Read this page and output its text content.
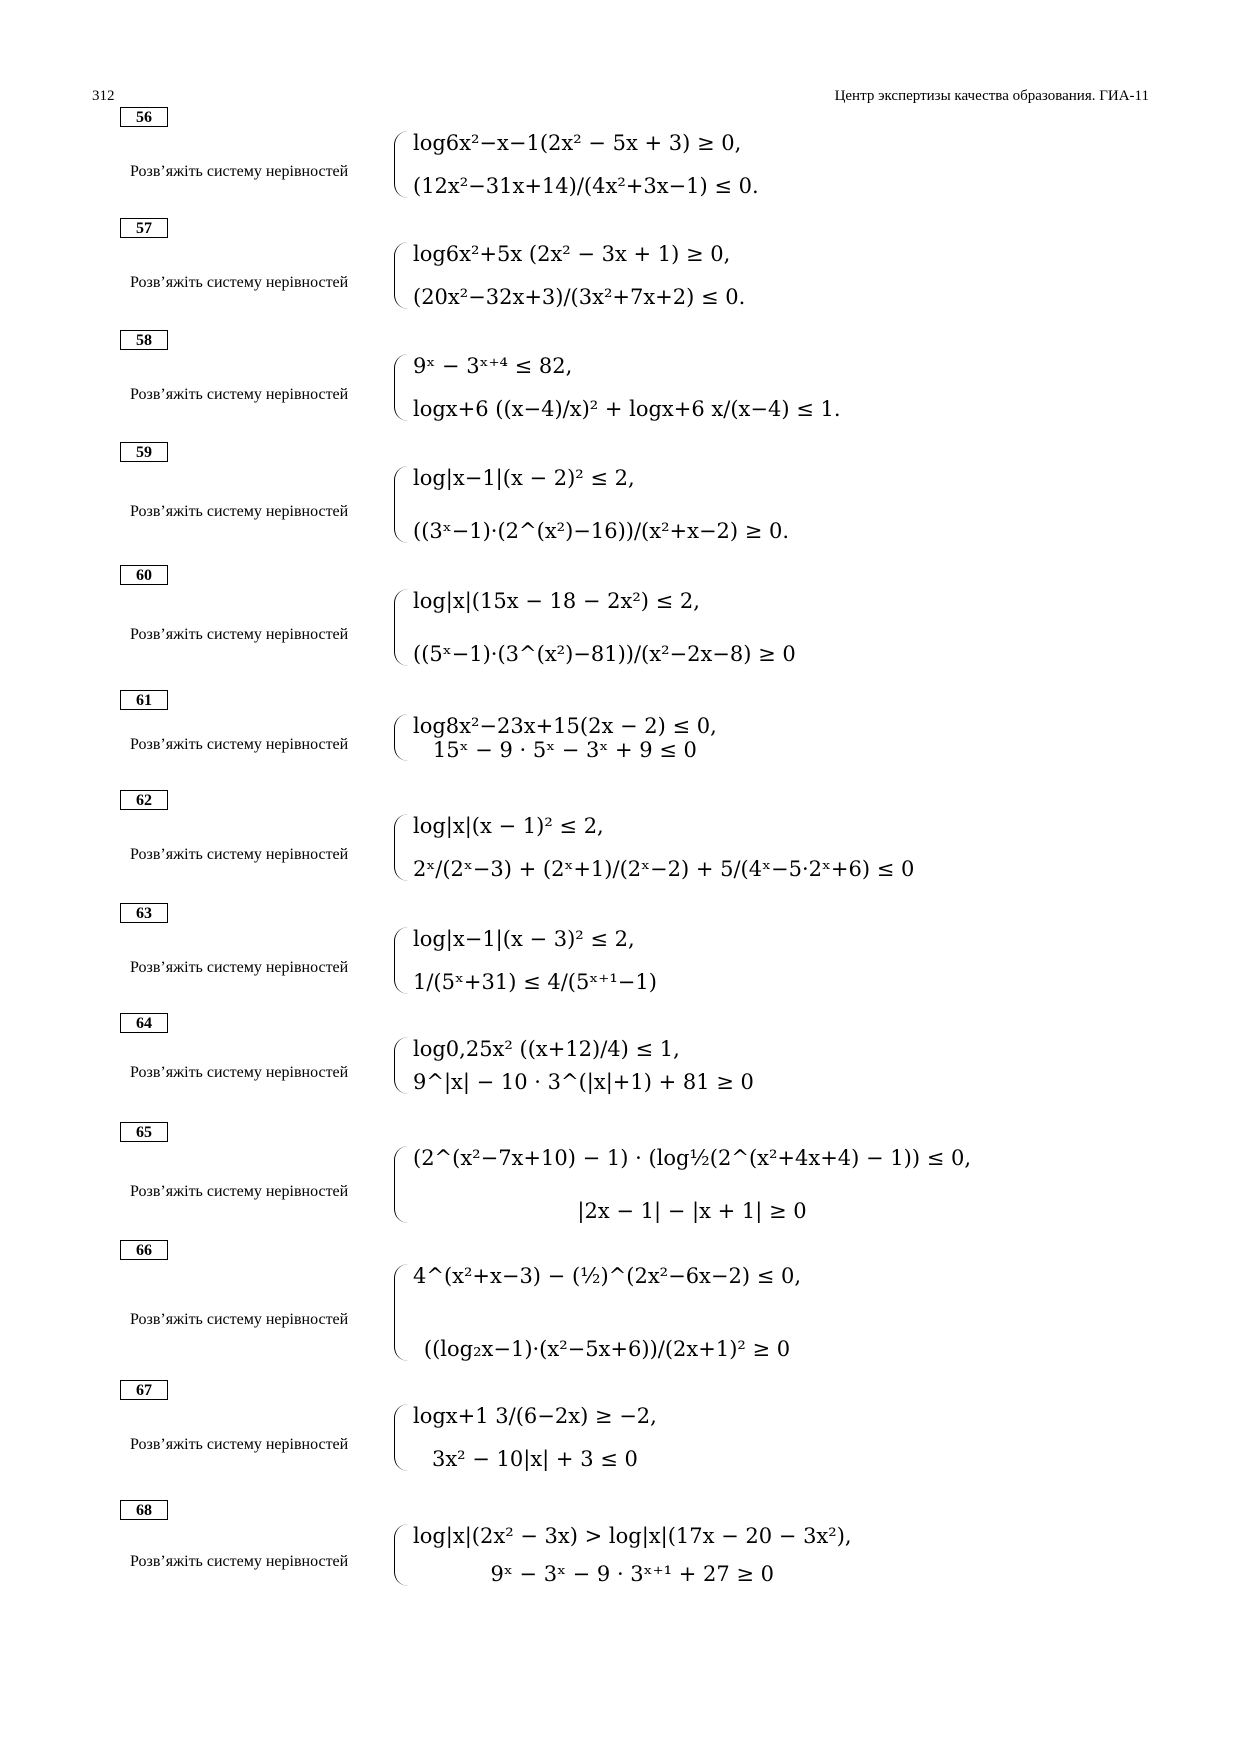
312	Центр экспертизы качества образования. ГИА-11
56
Розв’яжіть систему нерівностей
log6x²−x−1(2x² − 5x + 3) ≥ 0,
(12x²−31x+14)/(4x²+3x−1) ≤ 0.
57
Розв’яжіть систему нерівностей
log6x²+5x (2x² − 3x + 1) ≥ 0,
(20x²−32x+3)/(3x²+7x+2) ≤ 0.
58
Розв’яжіть систему нерівностей
9ˣ − 3ˣ⁺⁴ ≤ 82,
logx+6 ((x−4)/x)² + logx+6 x/(x−4) ≤ 1.
59
Розв’яжіть систему нерівностей
log|x−1|(x − 2)² ≤ 2,
((3ˣ−1)·(2^(x²)−16))/(x²+x−2) ≥ 0.
60
Розв’яжіть систему нерівностей
log|x|(15x − 18 − 2x²) ≤ 2,
((5ˣ−1)·(3^(x²)−81))/(x²−2x−8) ≥ 0
61
Розв’яжіть систему нерівностей
log8x²−23x+15(2x − 2) ≤ 0,
15ˣ − 9 · 5ˣ − 3ˣ + 9 ≤ 0
62
Розв’яжіть систему нерівностей
log|x|(x − 1)² ≤ 2,
2ˣ/(2ˣ−3) + (2ˣ+1)/(2ˣ−2) + 5/(4ˣ−5·2ˣ+6) ≤ 0
63
Розв’яжіть систему нерівностей
log|x−1|(x − 3)² ≤ 2,
1/(5ˣ+31) ≤ 4/(5ˣ⁺¹−1)
64
Розв’яжіть систему нерівностей
log0,25x² ((x+12)/4) ≤ 1,
9^|x| − 10 · 3^(|x|+1) + 81 ≥ 0
65
Розв’яжіть систему нерівностей
(2^(x²−7x+10) − 1) · (log½(2^(x²+4x+4) − 1)) ≤ 0,
|2x − 1| − |x + 1| ≥ 0
66
Розв’яжіть систему нерівностей
4^(x²+x−3) − (½)^(2x²−6x−2) ≤ 0,
((log₂x−1)·(x²−5x+6))/(2x+1)² ≥ 0
67
Розв’яжіть систему нерівностей
logx+1 3/(6−2x) ≥ −2,
3x² − 10|x| + 3 ≤ 0
68
Розв’яжіть систему нерівностей
log|x|(2x² − 3x) > log|x|(17x − 20 − 3x²),
9ˣ − 3ˣ − 9 · 3ˣ⁺¹ + 27 ≥ 0
